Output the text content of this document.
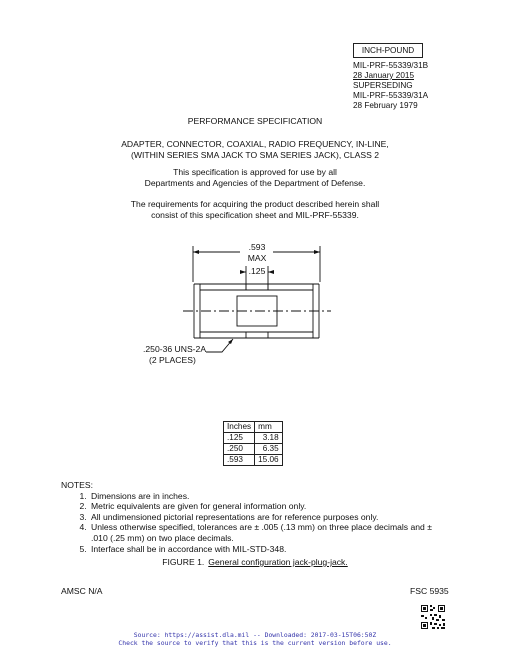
INCH-POUND
MIL-PRF-55339/31B
28 January 2015
SUPERSEDING
MIL-PRF-55339/31A
28 February 1979
PERFORMANCE SPECIFICATION
ADAPTER, CONNECTOR, COAXIAL, RADIO FREQUENCY, IN-LINE,
(WITHIN SERIES SMA JACK TO SMA SERIES JACK), CLASS 2
This specification is approved for use by all
Departments and Agencies of the Department of Defense.
The requirements for acquiring the product described herein shall
consist of this specification sheet and MIL-PRF-55339.
.593
MAX
.125
.250-36 UNS-2A
(2 PLACES)
Inches	mm
.125	3.18
.250	6.35
.593	15.06
NOTES:
1. Dimensions are in inches.
2. Metric equivalents are given for general information only.
3. All undimensioned pictorial representations are for reference purposes only.
4. Unless otherwise specified, tolerances are ± .005 (.13 mm) on three place decimals and ± .010 (.25 mm) on two place decimals.
5. Interface shall be in accordance with MIL-STD-348.
FIGURE 1. General configuration jack-plug-jack.
AMSC N/A	FSC 5935
Source: https://assist.dla.mil -- Downloaded: 2017-03-15T06:50Z
Check the source to verify that this is the current version before use.
